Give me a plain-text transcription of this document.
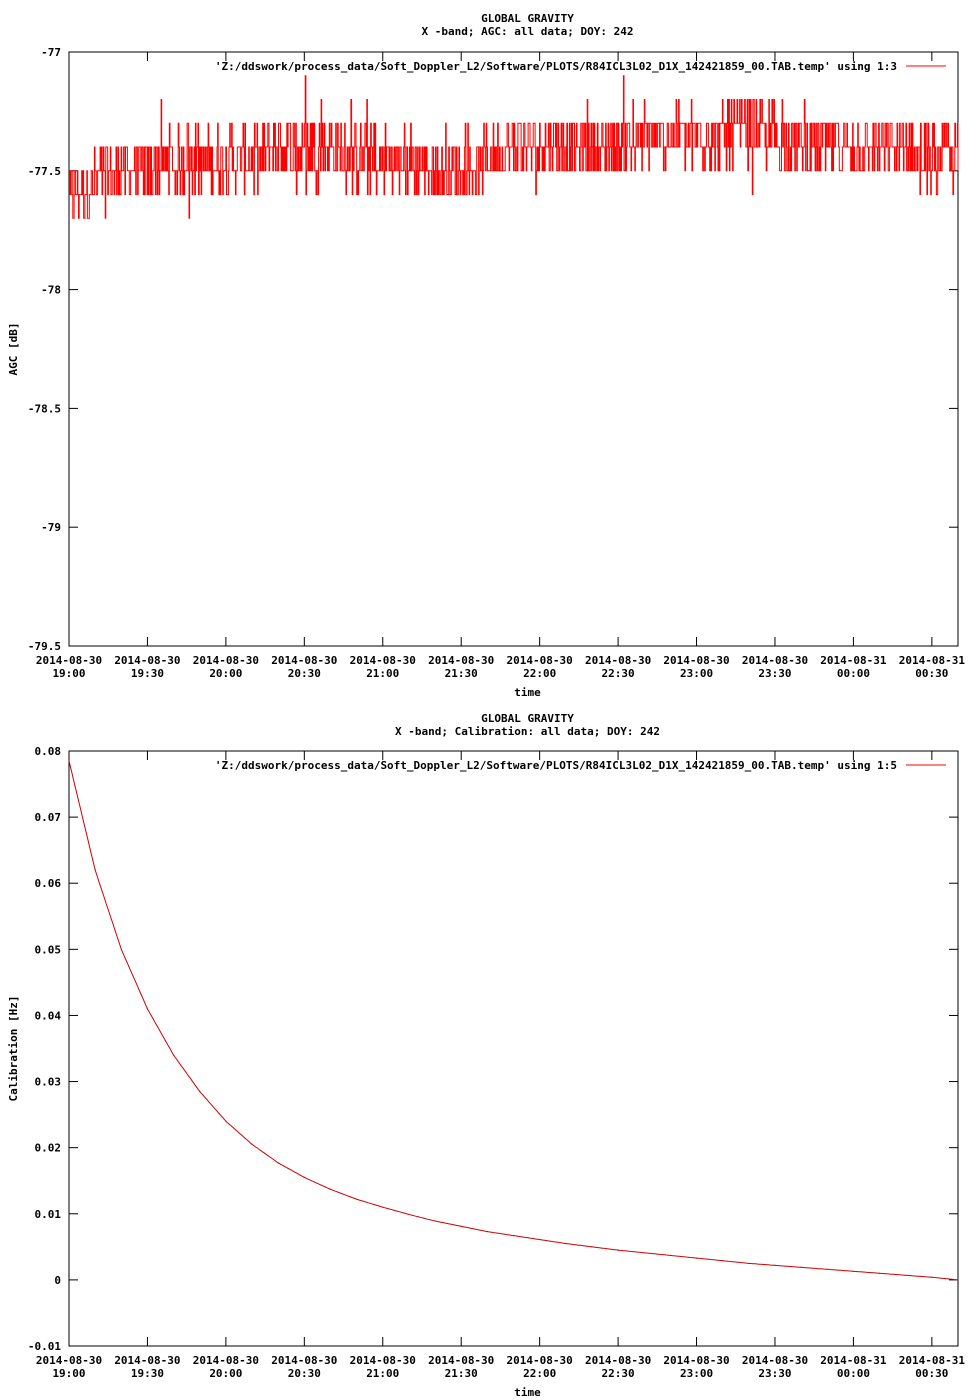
GLOBAL GRAVITY
X -band; AGC: all data; DOY: 242
-77
-77.5
-78
-78.5
-79
-79.5
2014-08-30
19:00
2014-08-30
19:30
2014-08-30
20:00
2014-08-30
20:30
2014-08-30
21:00
2014-08-30
21:30
2014-08-30
22:00
2014-08-30
22:30
2014-08-30
23:00
2014-08-30
23:30
2014-08-31
00:00
2014-08-31
00:30
time
AGC [dB]
'Z:/ddswork/process_data/Soft_Doppler_L2/Software/PLOTS/R84ICL3L02_D1X_142421859_00.TAB.temp' using 1:3
GLOBAL GRAVITY
X -band; Calibration: all data; DOY: 242
0.08
0.07
0.06
0.05
0.04
0.03
0.02
0.01
0
-0.01
2014-08-30
19:00
2014-08-30
19:30
2014-08-30
20:00
2014-08-30
20:30
2014-08-30
21:00
2014-08-30
21:30
2014-08-30
22:00
2014-08-30
22:30
2014-08-30
23:00
2014-08-30
23:30
2014-08-31
00:00
2014-08-31
00:30
time
Calibration [Hz]
'Z:/ddswork/process_data/Soft_Doppler_L2/Software/PLOTS/R84ICL3L02_D1X_142421859_00.TAB.temp' using 1:5
